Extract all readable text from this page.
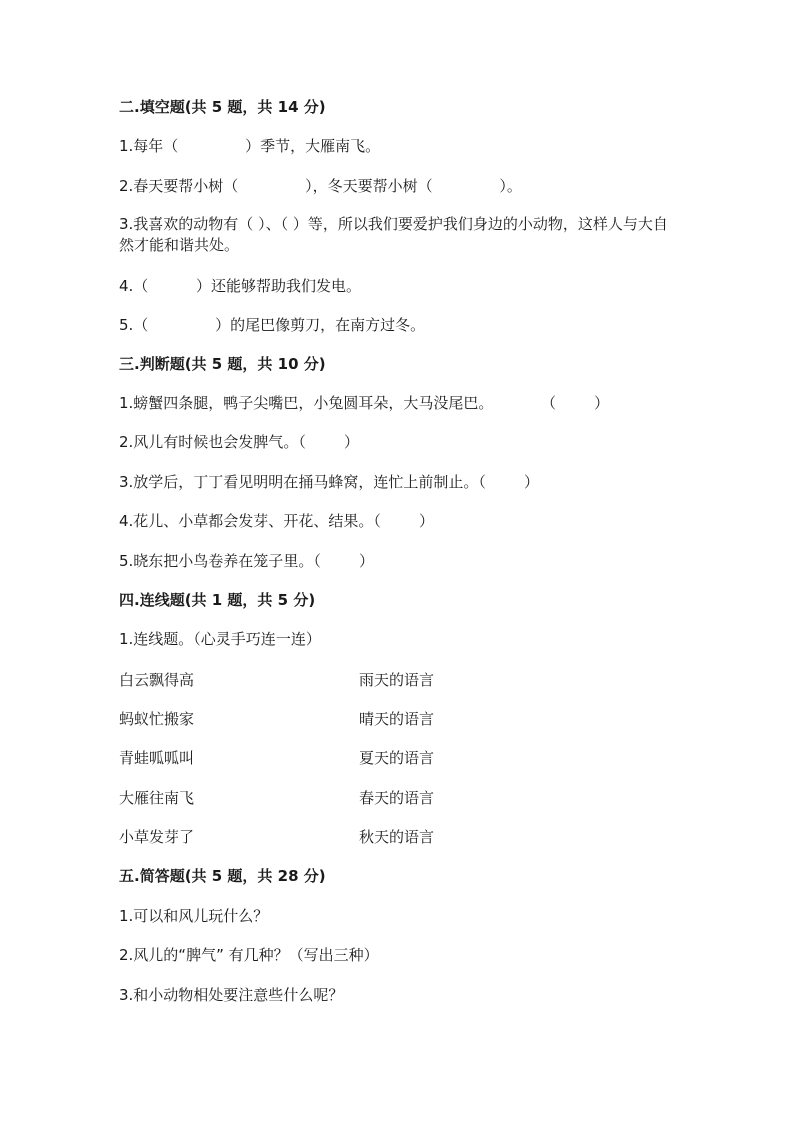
二.填空题(共 5 题，共 14 分)
1.每年（              ）季节，大雁南飞。
2.春天要帮小树（              ），冬天要帮小树（              ）。
3.我喜欢的动物有（ ）、（ ）等，所以我们要爱护我们身边的小动物，这样人与大自然才能和谐共处。
4.（          ）还能够帮助我们发电。
5.（              ）的尾巴像剪刀，在南方过冬。
三.判断题(共 5 题，共 10 分)
1.螃蟹四条腿，鸭子尖嘴巴，小兔圆耳朵，大马没尾巴。          （        ）
2.风儿有时候也会发脾气。（        ）
3.放学后，丁丁看见明明在捅马蜂窝，连忙上前制止。（        ）
4.花儿、小草都会发芽、开花、结果。（        ）
5.晓东把小鸟卷养在笼子里。（        ）
四.连线题(共 1 题，共 5 分)
1.连线题。（心灵手巧连一连）
白云飘得高	雨天的语言
蚂蚁忙搬家	晴天的语言
青蛙呱呱叫	夏天的语言
大雁往南飞	春天的语言
小草发芽了	秋天的语言
五.简答题(共 5 题，共 28 分)
1.可以和风儿玩什么？
2.风儿的“脾气” 有几种？（写出三种）
3.和小动物相处要注意些什么呢？
